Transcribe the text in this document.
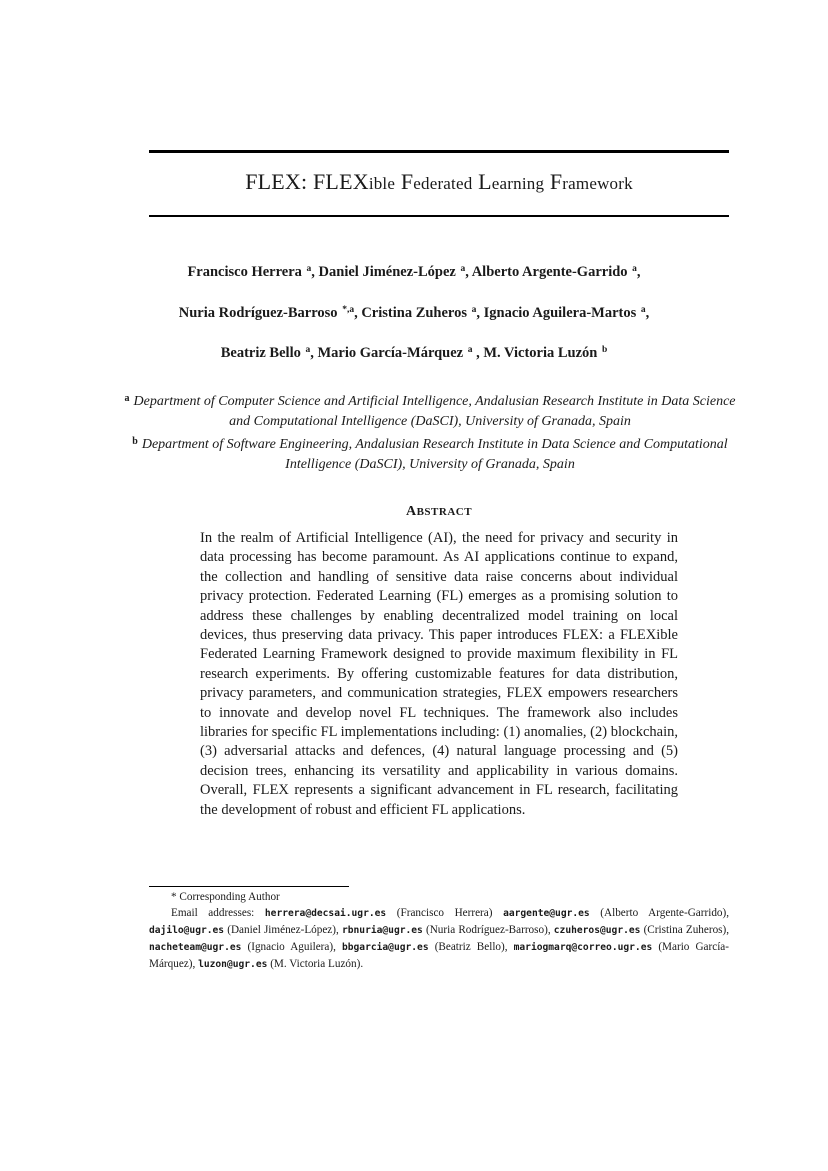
FLEX: FLEXible Federated Learning Framework
Francisco Herrera $^a$, Daniel Jiménez-López $^a$, Alberto Argente-Garrido $^a$,
Nuria Rodríguez-Barroso $^{*,a}$, Cristina Zuheros $^a$, Ignacio Aguilera-Martos $^a$,
Beatriz Bello $^a$, Mario García-Márquez $^a$ , M. Victoria Luzón $^b$
$^a$ Department of Computer Science and Artificial Intelligence, Andalusian Research Institute in Data Science and Computational Intelligence (DaSCI), University of Granada, Spain
$^b$ Department of Software Engineering, Andalusian Research Institute in Data Science and Computational Intelligence (DaSCI), University of Granada, Spain
ABSTRACT
In the realm of Artificial Intelligence (AI), the need for privacy and security in data processing has become paramount. As AI applications continue to expand, the collection and handling of sensitive data raise concerns about individual privacy protection. Federated Learning (FL) emerges as a promising solution to address these challenges by enabling decentralized model training on local devices, thus preserving data privacy. This paper introduces FLEX: a FLEXible Federated Learning Framework designed to provide maximum flexibility in FL research experiments. By offering customizable features for data distribution, privacy parameters, and communication strategies, FLEX empowers researchers to innovate and develop novel FL techniques. The framework also includes libraries for specific FL implementations including: (1) anomalies, (2) blockchain, (3) adversarial attacks and defences, (4) natural language processing and (5) decision trees, enhancing its versatility and applicability in various domains. Overall, FLEX represents a significant advancement in FL research, facilitating the development of robust and efficient FL applications.
* Corresponding Author
Email addresses: herrera@decsai.ugr.es (Francisco Herrera) aargente@ugr.es (Alberto Argente-Garrido), dajilo@ugr.es (Daniel Jiménez-López), rbnuria@ugr.es (Nuria Rodríguez-Barroso), czuheros@ugr.es (Cristina Zuheros), nacheteam@ugr.es (Ignacio Aguilera), bbgarcia@ugr.es (Beatriz Bello), mariogmarq@correo.ugr.es (Mario García-Márquez), luzon@ugr.es (M. Victoria Luzón).
